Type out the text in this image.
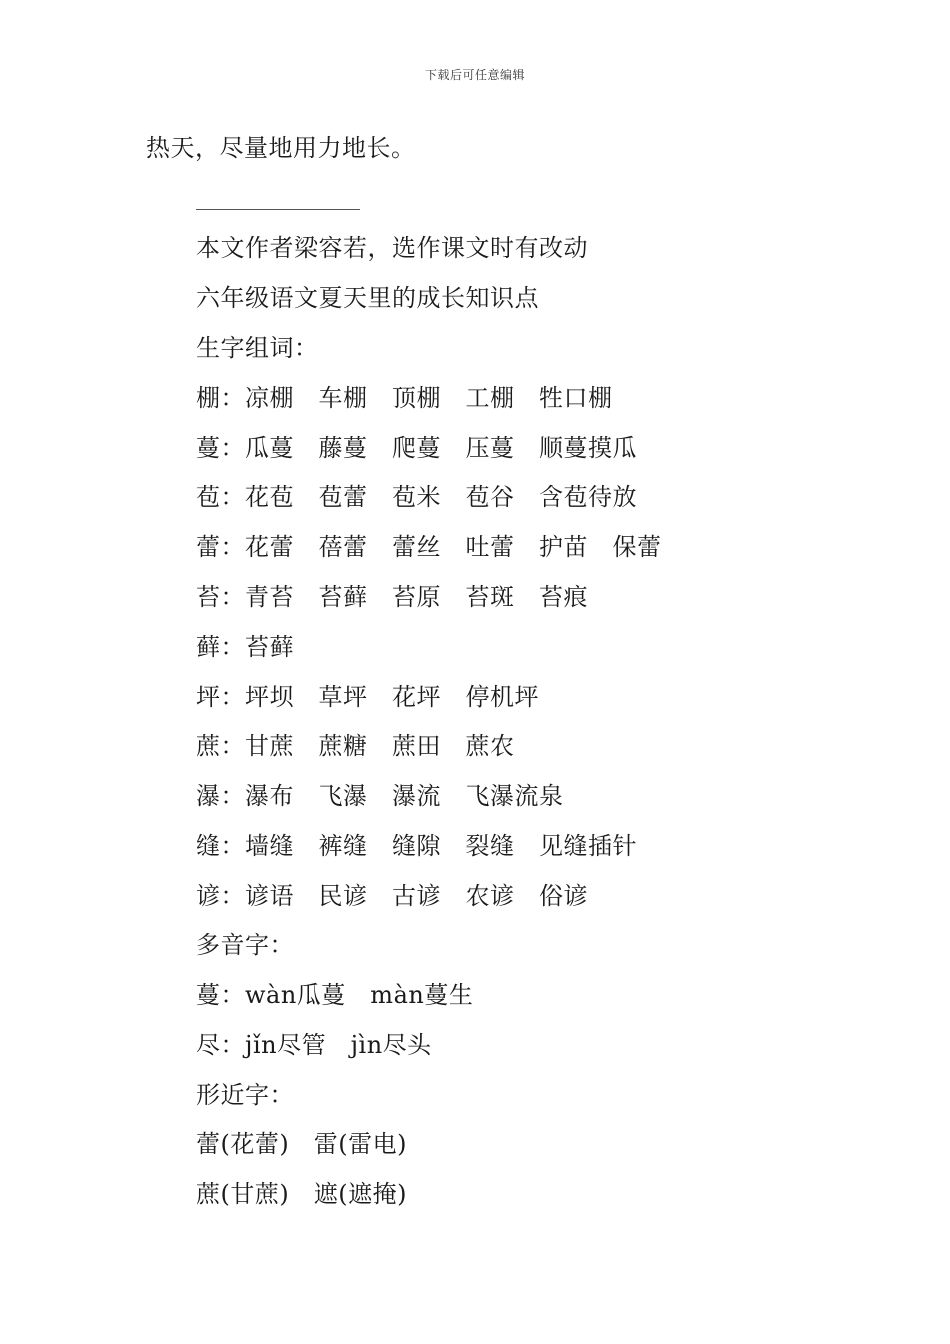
下载后可任意编辑
热天，尽量地用力地长。
本文作者梁容若，选作课文时有改动
六年级语文夏天里的成长知识点
生字组词：
棚：凉棚　车棚　顶棚　工棚　牲口棚
蔓：瓜蔓　藤蔓　爬蔓　压蔓　顺蔓摸瓜
苞：花苞　苞蕾　苞米　苞谷　含苞待放
蕾：花蕾　蓓蕾　蕾丝　吐蕾　护苗　保蕾
苔：青苔　苔藓　苔原　苔斑　苔痕
藓：苔藓
坪：坪坝　草坪　花坪　停机坪
蔗：甘蔗　蔗糖　蔗田　蔗农
瀑：瀑布　飞瀑　瀑流　飞瀑流泉
缝：墙缝　裤缝　缝隙　裂缝　见缝插针
谚：谚语　民谚　古谚　农谚　俗谚
多音字：
蔓：wàn瓜蔓　màn蔓生
尽：jǐn尽管　jìn尽头
形近字：
蕾(花蕾)　雷(雷电)
蔗(甘蔗)　遮(遮掩)
